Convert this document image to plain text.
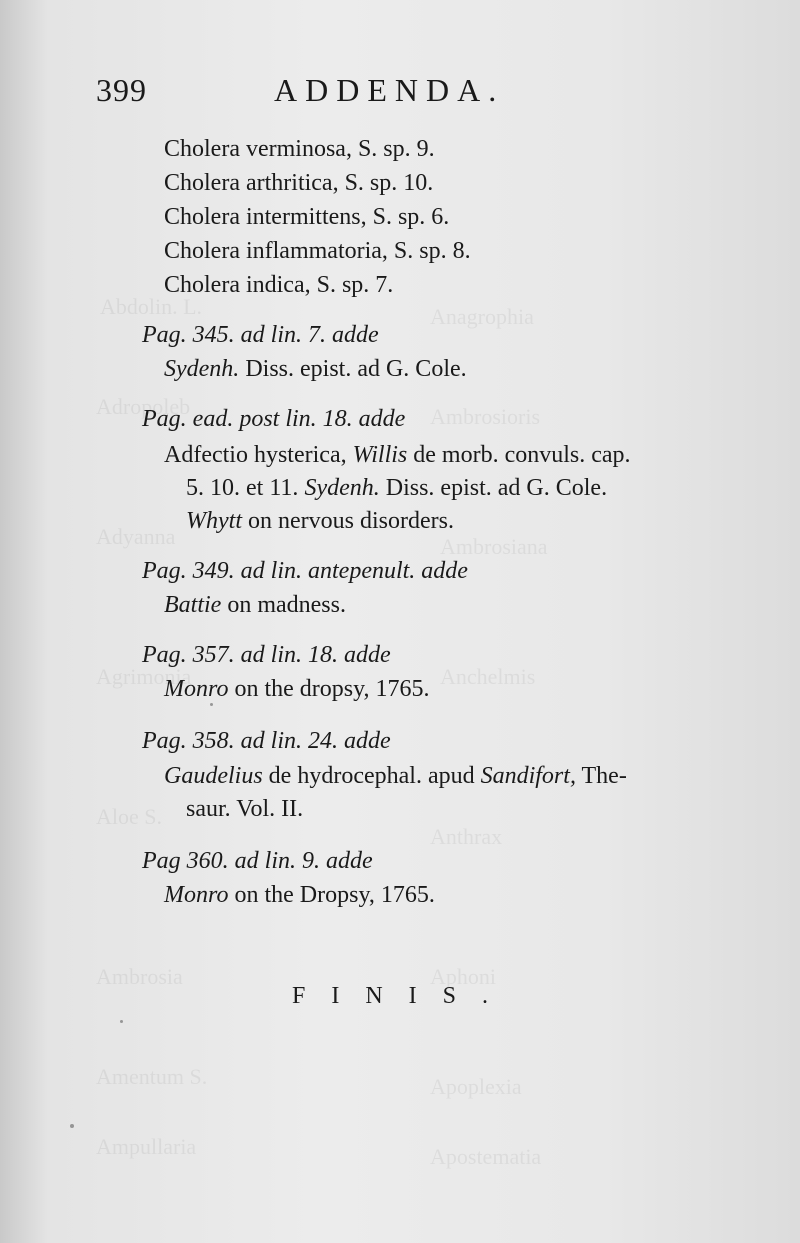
Abdolin. L.	Anagrophia
Adropoleb	Ambrosioris
Adyanna	Ambrosiana
Agrimonia	Anchelmis
Aloe S.
Anthrax
Ambrosia	Aphoni
Amentum S.	Apoplexia
Ampullaria	Apostematia
399	ADDENDA.
Cholera verminosa, S. sp. 9.
Cholera arthritica, S. sp. 10.
Cholera intermittens, S. sp. 6.
Cholera inflammatoria, S. sp. 8.
Cholera indica, S. sp. 7.
Pag. 345. ad lin. 7. adde
Sydenh. Diss. epist. ad G. Cole.
Pag. ead. post lin. 18. adde
Adfectio hysterica, Willis de morb. convuls. cap.
5. 10. et 11. Sydenh. Diss. epist. ad G. Cole.
Whytt on nervous disorders.
Pag. 349. ad lin. antepenult. adde
Battie on madness.
Pag. 357. ad lin. 18. adde
Monro on the dropsy, 1765.
Pag. 358. ad lin. 24. adde
Gaudelius de hydrocephal. apud Sandifort, The-
saur. Vol. II.
Pag 360. ad lin. 9. adde
Monro on the Dropsy, 1765.
FINIS.
